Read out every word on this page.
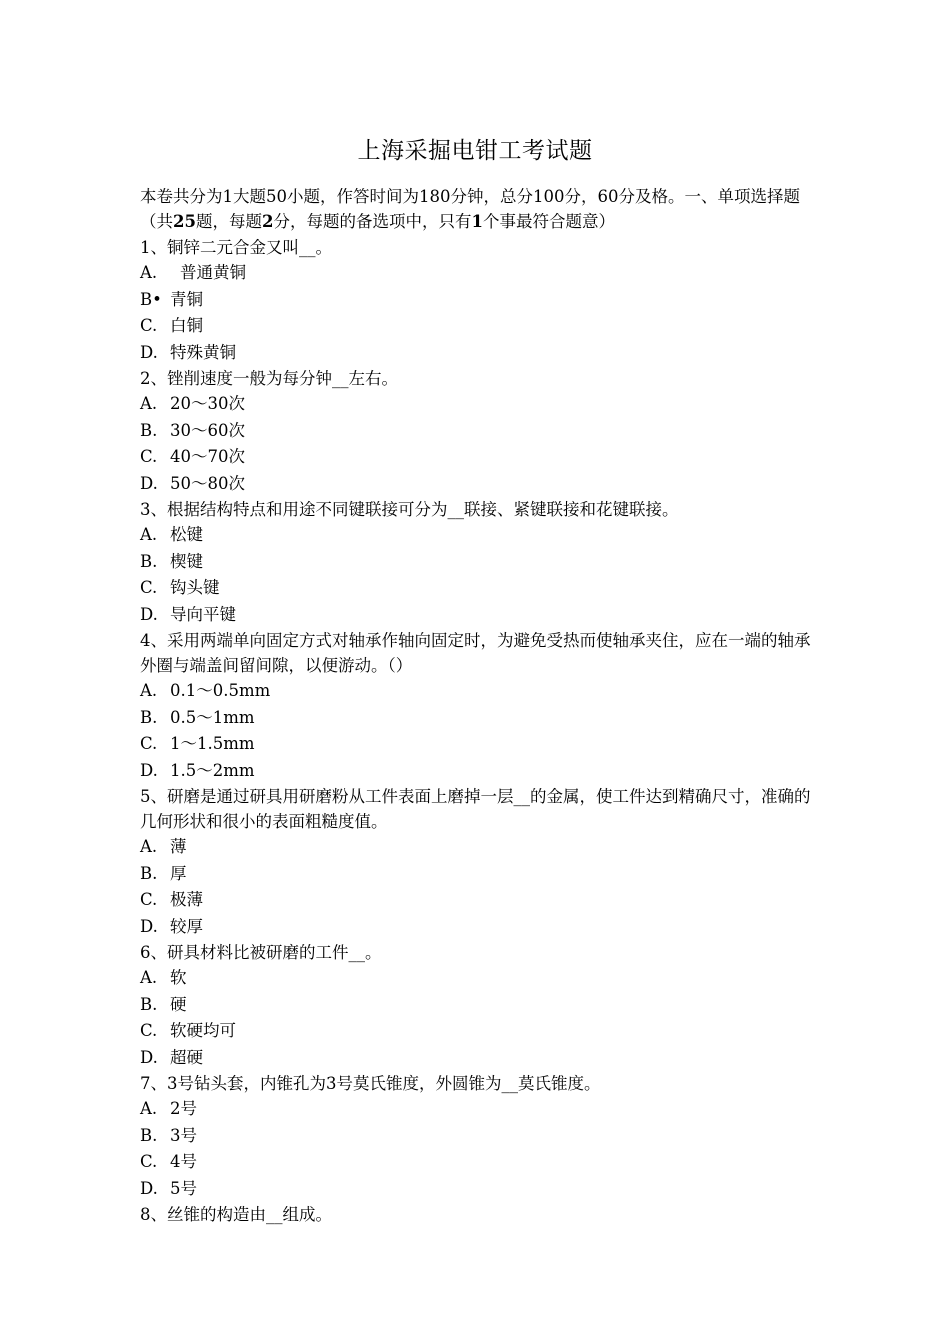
上海采掘电钳工考试题

本卷共分为1大题50小题，作答时间为180分钟，总分100分，60分及格。一、单项选择题（共25题，每题2分，每题的备选项中，只有1个事最符合题意）

1、铜锌二元合金又叫__。

A. 普通黄铜

B• 青铜

C. 白铜

D. 特殊黄铜

2、锉削速度一般为每分钟__左右。

A. 20〜30次

B. 30〜60次

C. 40〜70次

D. 50〜80次

3、根据结构特点和用途不同键联接可分为__联接、紧键联接和花键联接。

A. 松键

B. 楔键

C. 钩头键

D. 导向平键

4、采用两端单向固定方式对轴承作轴向固定时，为避免受热而使轴承夹住，应在一端的轴承外圈与端盖间留间隙，以便游动。（）

A. 0.1〜0.5mm

B. 0.5〜1mm

C. 1〜1.5mm

D. 1.5〜2mm

5、研磨是通过研具用研磨粉从工件表面上磨掉一层__的金属，使工件达到精确尺寸，准确的几何形状和很小的表面粗糙度值。

A. 薄

B. 厚

C. 极薄

D. 较厚

6、研具材料比被研磨的工件__。

A. 软

B. 硬

C. 软硬均可

D. 超硬

7、3号钻头套，内锥孔为3号莫氏锥度，外圆锥为__莫氏锥度。

A. 2号

B. 3号

C. 4号

D. 5号

8、丝锥的构造由__组成。
